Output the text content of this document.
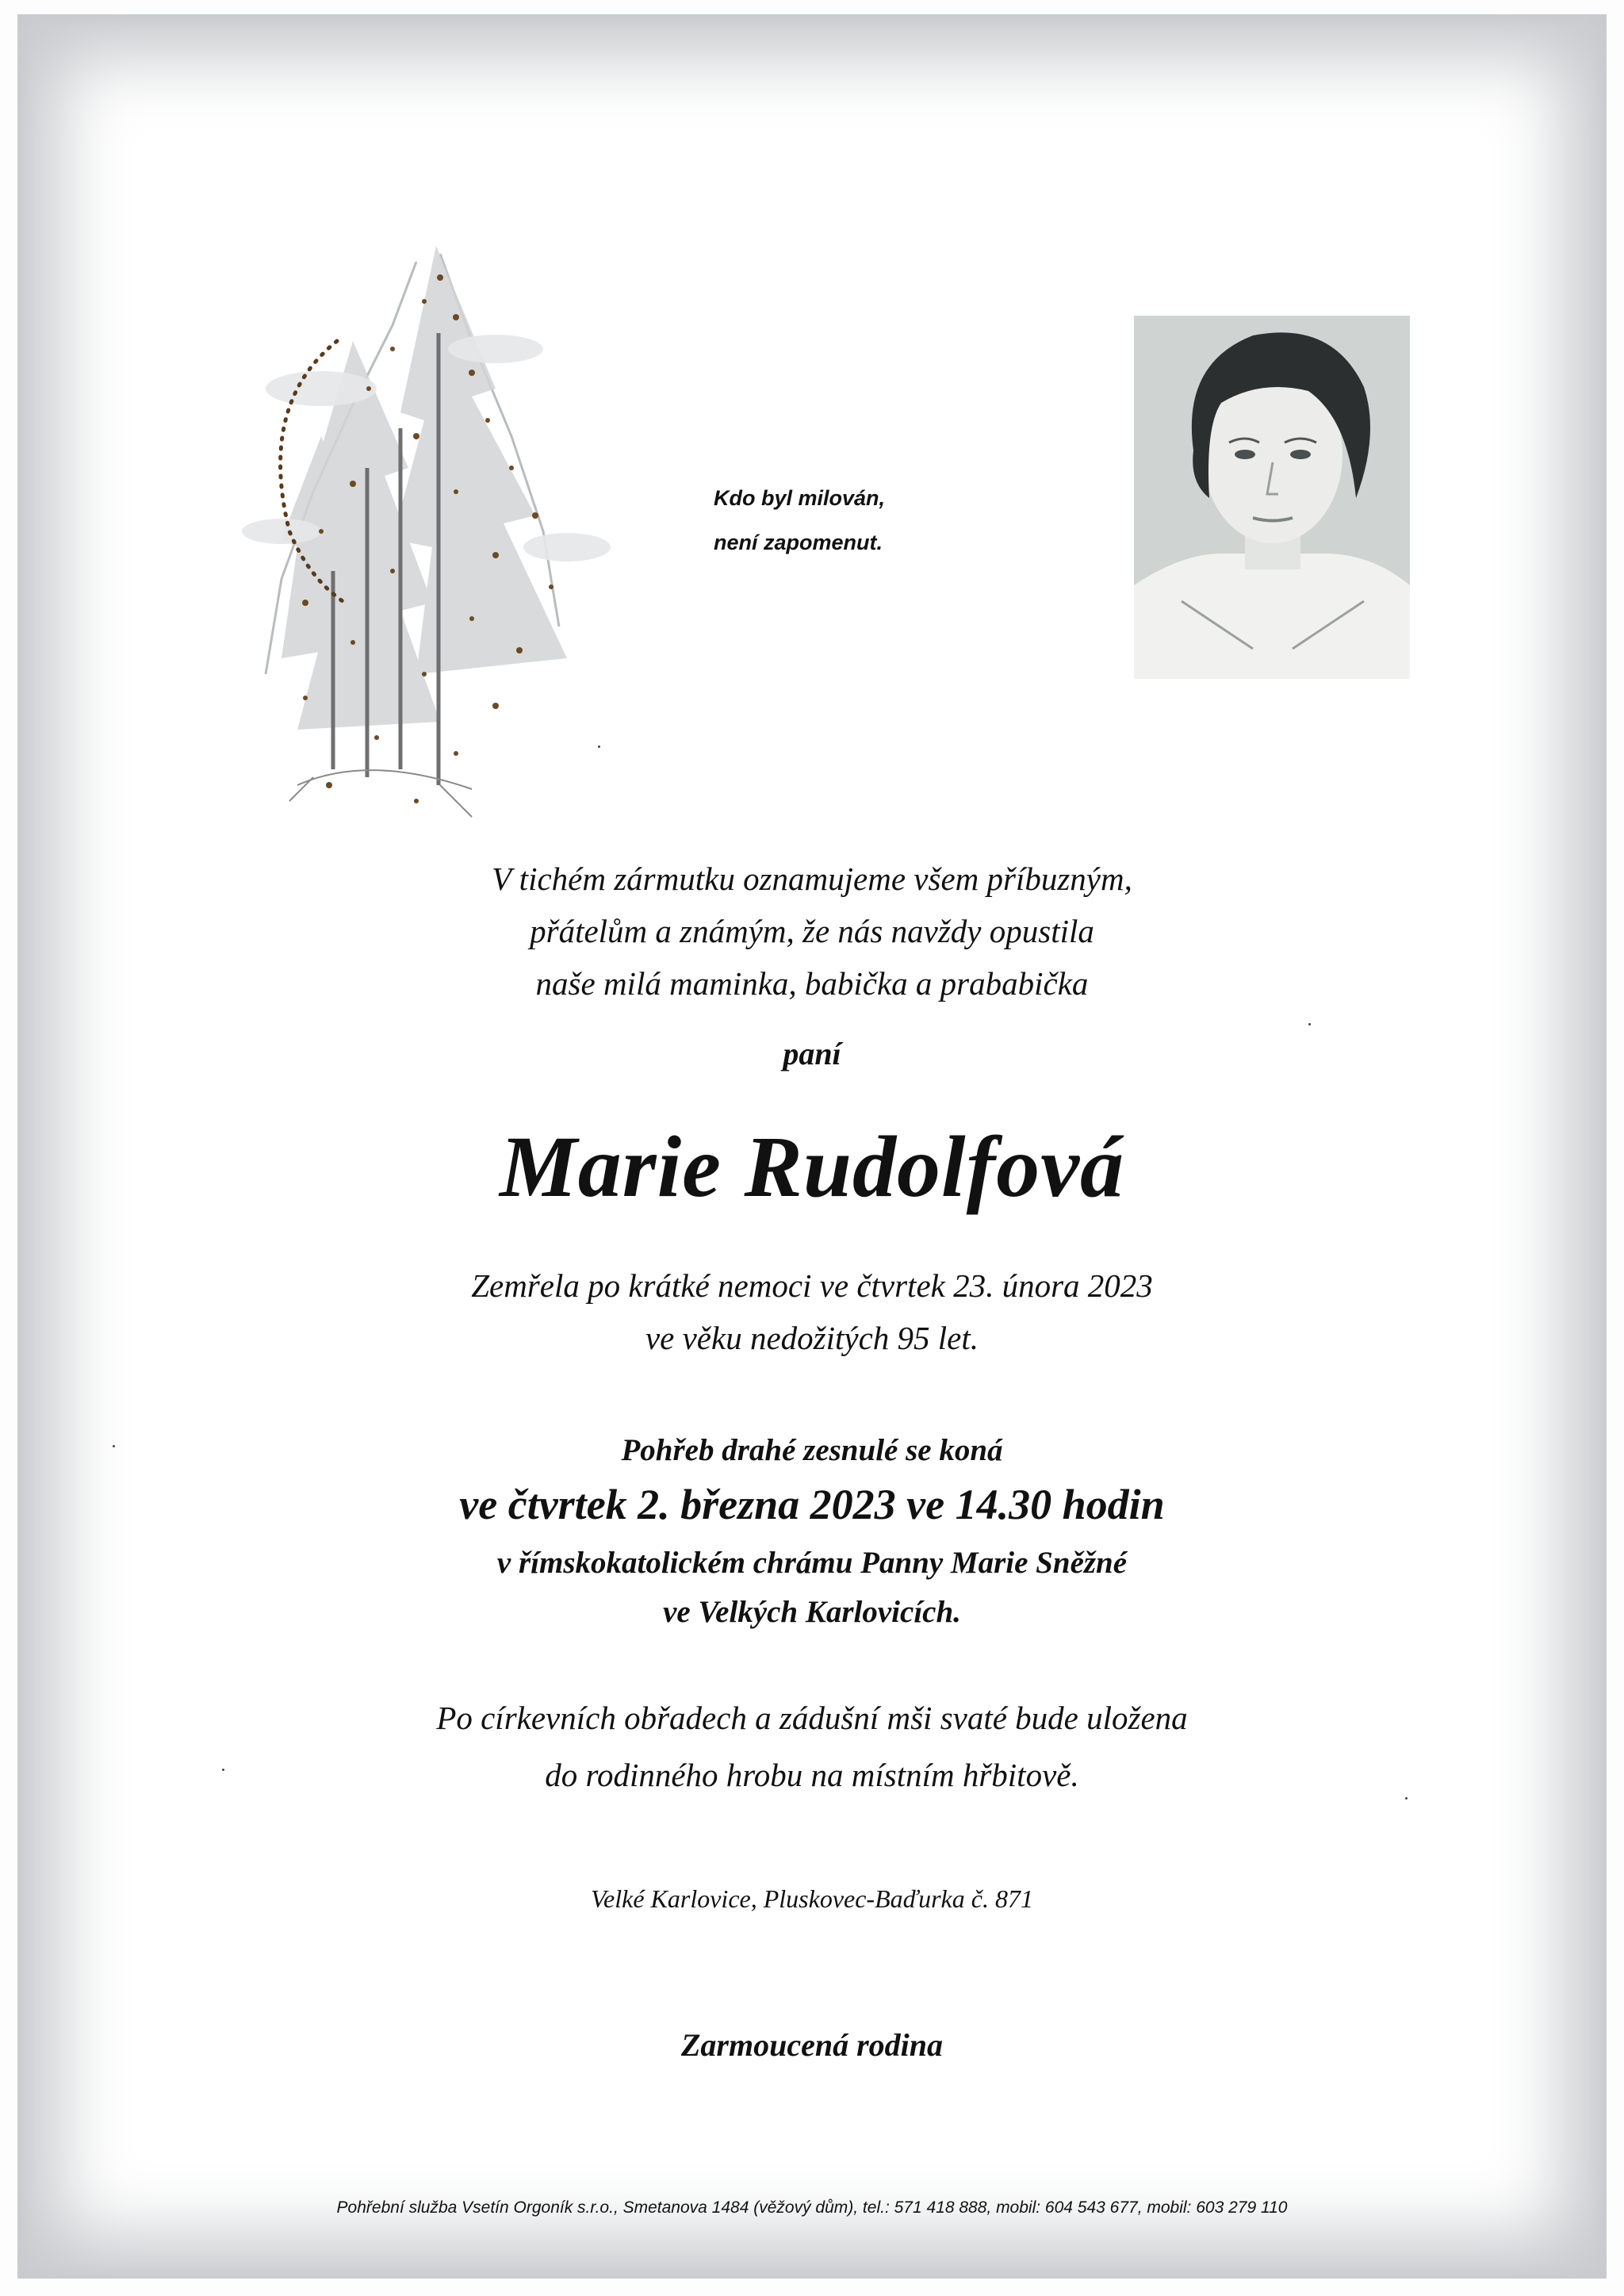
Kdo byl milován,
není zapomenut.
V tichém zármutku oznamujeme všem příbuzným,
přátelům a známým, že nás navždy opustila
naše milá maminka, babička a prababička
paní
Marie Rudolfová
Zemřela po krátké nemoci ve čtvrtek 23. února 2023
ve věku nedožitých 95 let.
Pohřeb drahé zesnulé se koná
ve čtvrtek 2. března 2023 ve 14.30 hodin
v římskokatolickém chrámu Panny Marie Sněžné
ve Velkých Karlovicích.
Po církevních obřadech a zádušní mši svaté bude uložena
do rodinného hrobu na místním hřbitově.
Velké Karlovice, Pluskovec-Baďurka č. 871
Zarmoucená rodina
Pohřební služba Vsetín Orgoník s.r.o., Smetanova 1484 (věžový dům), tel.: 571 418 888, mobil: 604 543 677, mobil: 603 279 110
